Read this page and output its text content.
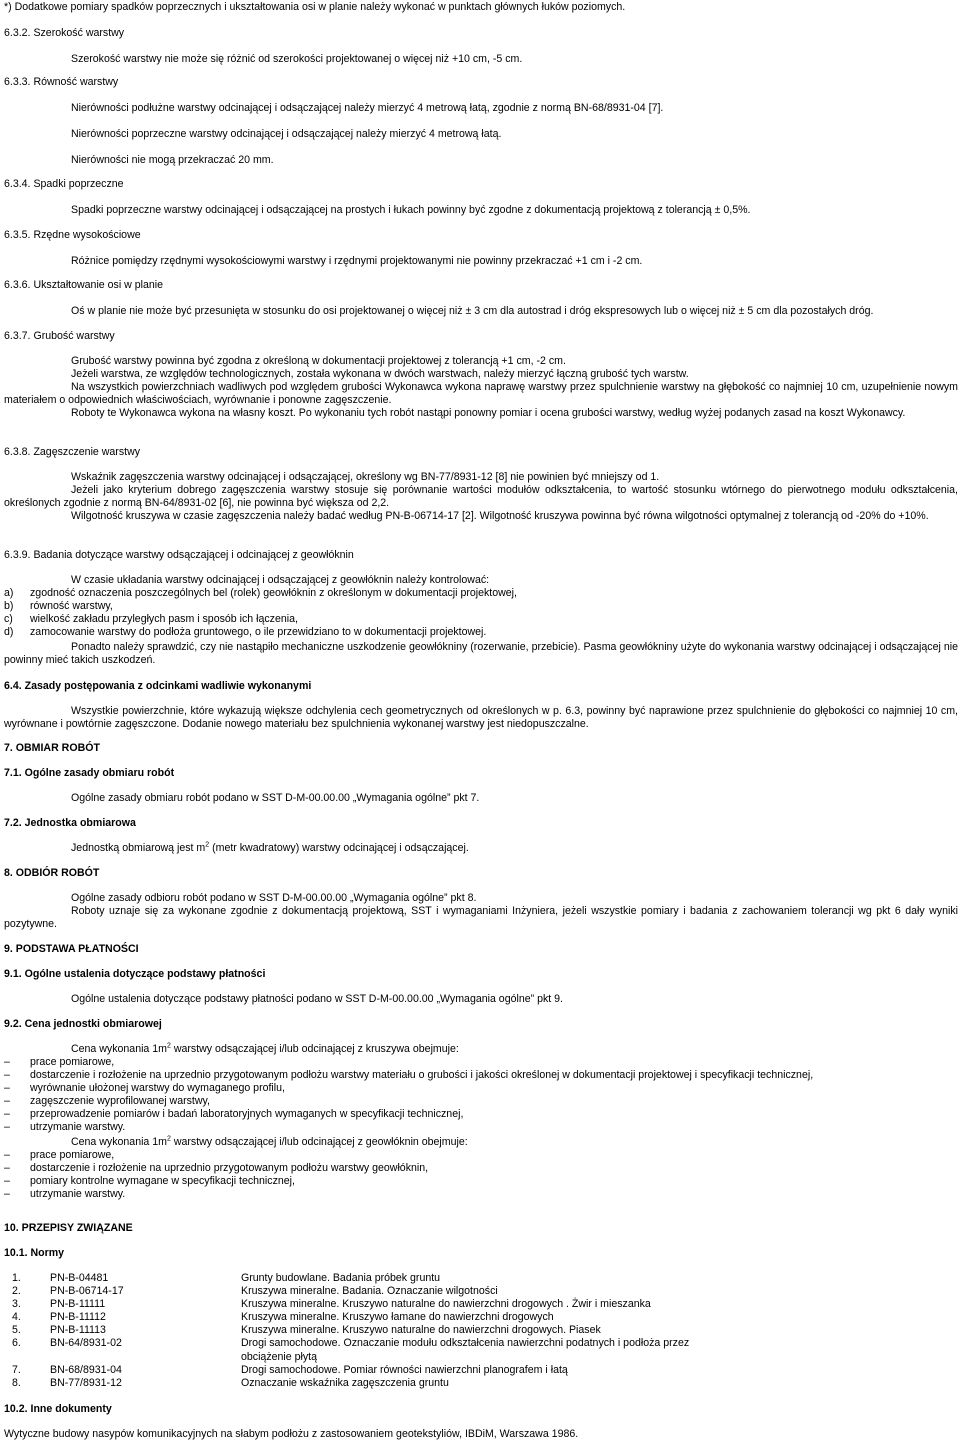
*) Dodatkowe pomiary spadków poprzecznych i ukształtowania osi w planie należy wykonać w punktach głównych łuków poziomych.

6.3.2. Szerokość warstwy

Szerokość warstwy nie może się różnić od szerokości projektowanej o więcej niż +10 cm, -5 cm.

6.3.3. Równość warstwy

Nierówności podłużne warstwy odcinającej i odsączającej należy mierzyć 4 metrową łatą, zgodnie z normą BN-68/8931-04 [7].

Nierówności poprzeczne warstwy odcinającej i odsączającej należy mierzyć 4 metrową łatą.

Nierówności nie mogą przekraczać 20 mm.

6.3.4. Spadki poprzeczne

Spadki poprzeczne warstwy odcinającej i odsączającej na prostych i łukach powinny być zgodne z dokumentacją projektową z tolerancją ± 0,5%.

6.3.5. Rzędne wysokościowe

Różnice pomiędzy rzędnymi wysokościowymi warstwy i rzędnymi projektowanymi nie powinny przekraczać +1 cm i -2 cm.

6.3.6. Ukształtowanie osi w planie

Oś w planie nie może być przesunięta w stosunku do osi projektowanej o więcej niż ± 3 cm dla autostrad i dróg ekspresowych lub o więcej niż ± 5 cm dla pozostałych dróg.

6.3.7. Grubość warstwy

Grubość warstwy powinna być zgodna z określoną w dokumentacji projektowej z tolerancją +1 cm, -2 cm.

Jeżeli warstwa, ze względów technologicznych, została wykonana w dwóch warstwach, należy mierzyć łączną grubość tych warstw.

Na wszystkich powierzchniach wadliwych pod względem grubości Wykonawca wykona naprawę warstwy przez spulchnienie warstwy na głębokość co najmniej 10 cm, uzupełnienie nowym materiałem o odpowiednich właściwościach, wyrównanie i ponowne zagęszczenie.

Roboty te Wykonawca wykona na własny koszt. Po wykonaniu tych robót nastąpi ponowny pomiar i ocena grubości warstwy, według wyżej podanych zasad na koszt Wykonawcy.

6.3.8. Zagęszczenie warstwy

Wskaźnik zagęszczenia warstwy odcinającej i odsączającej, określony wg BN-77/8931-12 [8] nie powinien być mniejszy od 1.

Jeżeli jako kryterium dobrego zagęszczenia warstwy stosuje się porównanie wartości modułów odkształcenia, to wartość stosunku wtórnego do pierwotnego modułu odkształcenia, określonych zgodnie z normą BN-64/8931-02 [6], nie powinna być większa od 2,2.

Wilgotność kruszywa w czasie zagęszczenia należy badać według PN-B-06714-17 [2]. Wilgotność kruszywa powinna być równa wilgotności optymalnej z tolerancją od -20% do +10%.

6.3.9. Badania dotyczące warstwy odsączającej i odcinającej z geowłóknin

W czasie układania warstwy odcinającej i odsączającej z geowłóknin należy kontrolować:

a) zgodność oznaczenia poszczególnych bel (rolek) geowłóknin z określonym w dokumentacji projektowej,
b) równość warstwy,
c) wielkość zakładu przyległych pasm i sposób ich łączenia,
d) zamocowanie warstwy do podłoża gruntowego, o ile przewidziano to w dokumentacji projektowej.

Ponadto należy sprawdzić, czy nie nastąpiło mechaniczne uszkodzenie geowłókniny (rozerwanie, przebicie). Pasma geowłókniny użyte do wykonania warstwy odcinającej i odsączającej nie powinny mieć takich uszkodzeń.

6.4. Zasady postępowania z odcinkami wadliwie wykonanymi

Wszystkie powierzchnie, które wykazują większe odchylenia cech geometrycznych od określonych w p. 6.3, powinny być naprawione przez spulchnienie do głębokości co najmniej 10 cm, wyrównane i powtórnie zagęszczone. Dodanie nowego materiału bez spulchnienia wykonanej warstwy jest niedopuszczalne.

7. OBMIAR ROBÓT

7.1. Ogólne zasady obmiaru robót

Ogólne zasady obmiaru robót podano w SST D-M-00.00.00 „Wymagania ogólne” pkt 7.

7.2. Jednostka obmiarowa

Jednostką obmiarową jest $m^2$ (metr kwadratowy) warstwy odcinającej i odsączającej.

8. ODBIÓR ROBÓT

Ogólne zasady odbioru robót podano w SST D-M-00.00.00 „Wymagania ogólne” pkt 8.

Roboty uznaje się za wykonane zgodnie z dokumentacją projektową, SST i wymaganiami Inżyniera, jeżeli wszystkie pomiary i badania z zachowaniem tolerancji wg pkt 6 dały wyniki pozytywne.

9. PODSTAWA PŁATNOŚCI

9.1. Ogólne ustalenia dotyczące podstawy płatności

Ogólne ustalenia dotyczące podstawy płatności podano w SST D-M-00.00.00 „Wymagania ogólne” pkt 9.

9.2. Cena jednostki obmiarowej

Cena wykonania $1m^2$ warstwy odsączającej i/lub odcinającej z kruszywa obejmuje:

– prace pomiarowe,
– dostarczenie i rozłożenie na uprzednio przygotowanym podłożu warstwy materiału o grubości i jakości określonej w dokumentacji projektowej i specyfikacji technicznej,
– wyrównanie ułożonej warstwy do wymaganego profilu,
– zagęszczenie wyprofilowanej warstwy,
– przeprowadzenie pomiarów i badań laboratoryjnych wymaganych w specyfikacji technicznej,
– utrzymanie warstwy.

Cena wykonania $1m^2$ warstwy odsączającej i/lub odcinającej z geowłóknin obejmuje:

– prace pomiarowe,
– dostarczenie i rozłożenie na uprzednio przygotowanym podłożu warstwy geowłóknin,
– pomiary kontrolne wymagane w specyfikacji technicznej,
– utrzymanie warstwy.

10. PRZEPISY ZWIĄZANE

10.1. Normy

1.	PN-B-04481	Grunty budowlane. Badania próbek gruntu
2.	PN-B-06714-17	Kruszywa mineralne. Badania. Oznaczanie wilgotności
3.	PN-B-11111	Kruszywa mineralne. Kruszywo naturalne do nawierzchni drogowych . Żwir i mieszanka
4.	PN-B-11112	Kruszywa mineralne. Kruszywo łamane do nawierzchni drogowych
5.	PN-B-11113	Kruszywa mineralne. Kruszywo naturalne do nawierzchni drogowych. Piasek
6.	BN-64/8931-02	Drogi samochodowe. Oznaczanie modułu odkształcenia nawierzchni podatnych i podłoża przez obciążenie płytą
7.	BN-68/8931-04	Drogi samochodowe. Pomiar równości nawierzchni planografem i łatą
8.	BN-77/8931-12	Oznaczanie wskaźnika zagęszczenia gruntu

10.2. Inne dokumenty

Wytyczne budowy nasypów komunikacyjnych na słabym podłożu z zastosowaniem geotekstyliów, IBDiM, Warszawa 1986.
